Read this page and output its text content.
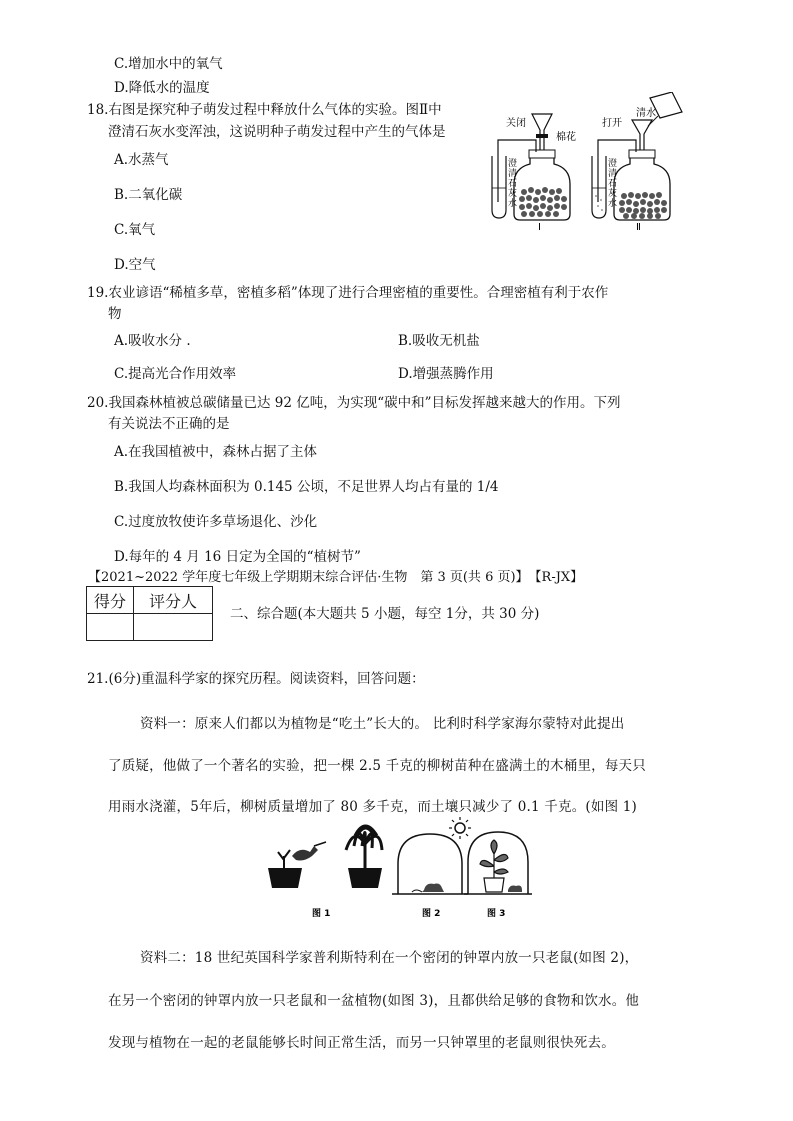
C.增加水中的氧气
D.降低水的温度
18.右图是探究种子萌发过程中释放什么气体的实验。图Ⅱ中
澄清石灰水变浑浊，这说明种子萌发过程中产生的气体是
A.水蒸气
B.二氧化碳
C.氧气
D.空气
关闭
棉花
澄
清
石
灰
水
Ⅰ
清水
打开
澄
清
石
灰
水
Ⅱ
19.农业谚语“稀植多草，密植多稻”体现了进行合理密植的重要性。合理密植有利于农作
物
A.吸收水分 .	B.吸收无机盐
C.提高光合作用效率	D.增强蒸腾作用
20.我国森林植被总碳储量已达 92 亿吨，为实现“碳中和”目标发挥越来越大的作用。下列
有关说法不正确的是
A.在我国植被中，森林占据了主体
B.我国人均森林面积为 0.145 公顷，不足世界人均占有量的 1/4
C.过度放牧使许多草场退化、沙化
D.每年的 4 月 16 日定为全国的“植树节”
【2021~2022 学年度七年级上学期期末综合评估·生物　第 3 页(共 6 页)】　【R-JX】
得分	评分人

二、综合题(本大题共 5 小题，每空 1分，共 30 分)
21.(6分)重温科学家的探究历程。阅读资料，回答问题：
资料一：原来人们都以为植物是“吃土”长大的。 比利时科学家海尔蒙特对此提出
了质疑，他做了一个著名的实验，把一棵 2.5 千克的柳树苗种在盛满土的木桶里，每天只
用雨水浇灌，5年后，柳树质量增加了 80 多千克，而土壤只减少了 0.1 千克。(如图 1)
图 1	图 2	图 3
资料二：18 世纪英国科学家普利斯特利在一个密闭的钟罩内放一只老鼠(如图 2)，
在另一个密闭的钟罩内放一只老鼠和一盆植物(如图 3)，且都供给足够的食物和饮水。他
发现与植物在一起的老鼠能够长时间正常生活，而另一只钟罩里的老鼠则很快死去。
